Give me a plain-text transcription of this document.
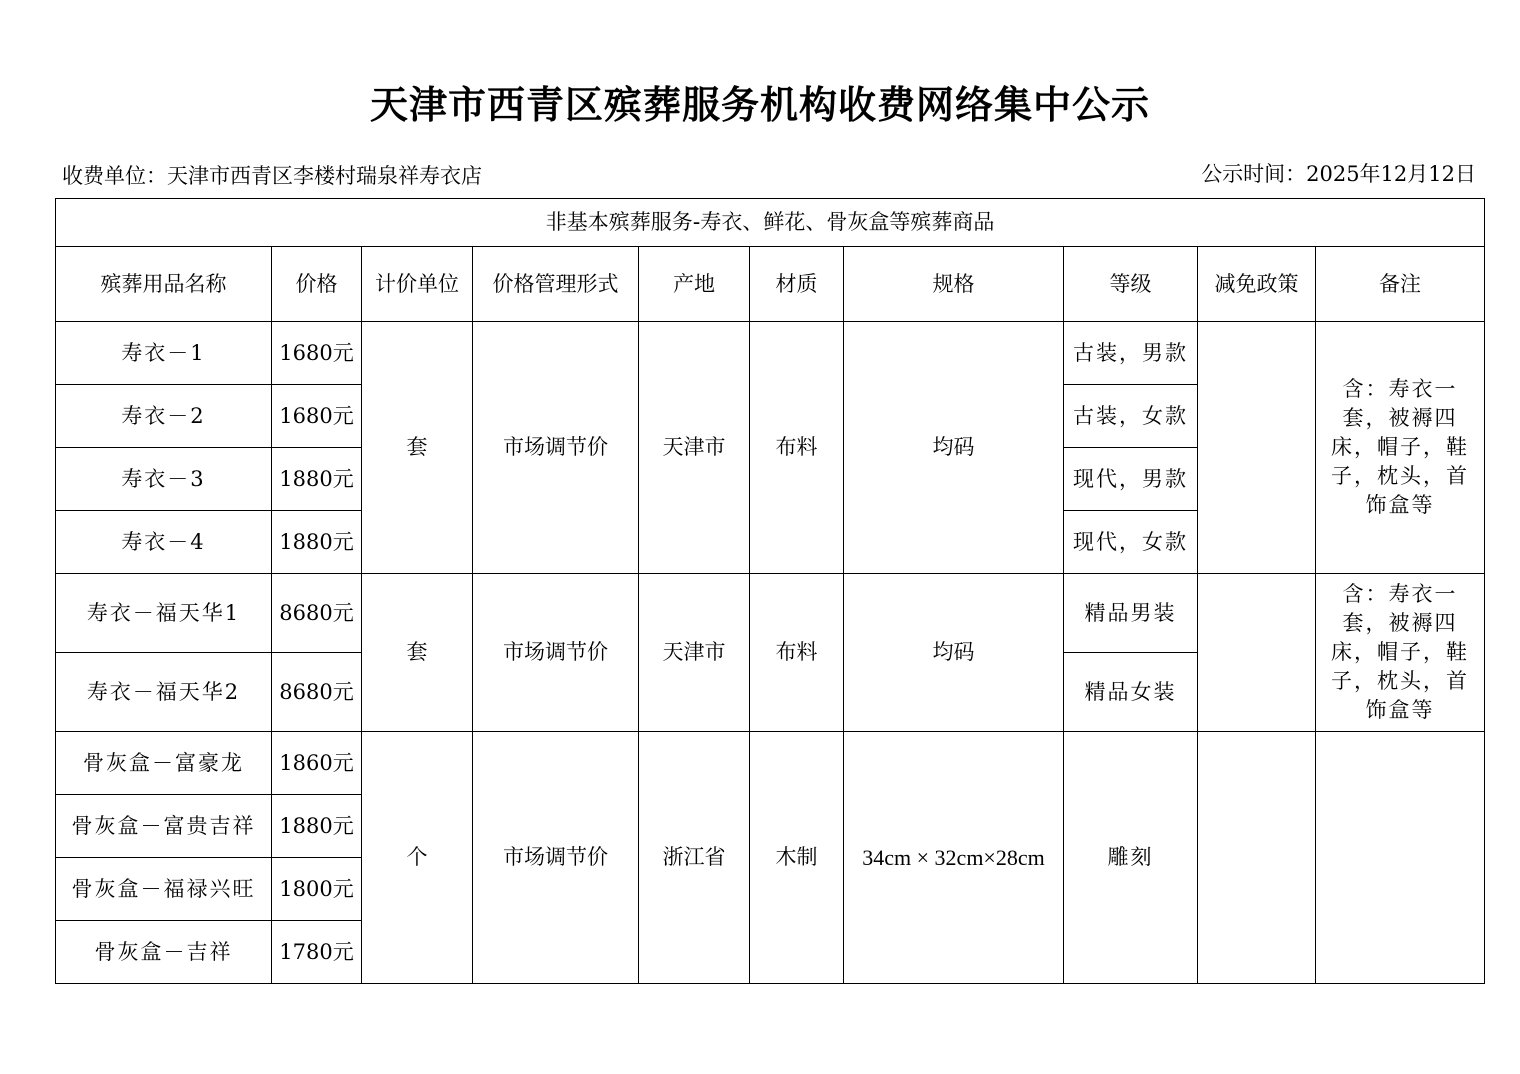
天津市西青区殡葬服务机构收费网络集中公示
收费单位：天津市西青区李楼村瑞泉祥寿衣店	公示时间：2025年12月12日
非基本殡葬服务-寿衣、鲜花、骨灰盒等殡葬商品									
殡葬用品名称	价格	计价单位	价格管理形式	产地	材质	规格	等级	减免政策	备注
寿衣－1	1680元	套	市场调节价	天津市	布料	均码	古装，男款		含：寿衣一套，被褥四床，帽子，鞋子，枕头，首饰盒等
寿衣－2	1680元						古装，女款		
寿衣－3	1880元						现代，男款		
寿衣－4	1880元						现代，女款		
寿衣－福天华1	8680元	套	市场调节价	天津市	布料	均码	精品男装		含：寿衣一套，被褥四床，帽子，鞋子，枕头，首饰盒等
寿衣－福天华2	8680元						精品女装		
骨灰盒－富豪龙	1860元	个	市场调节价	浙江省	木制	34cm × 32cm×28cm	雕刻		
骨灰盒－富贵吉祥	1880元								
骨灰盒－福禄兴旺	1800元								
骨灰盒－吉祥	1780元								
